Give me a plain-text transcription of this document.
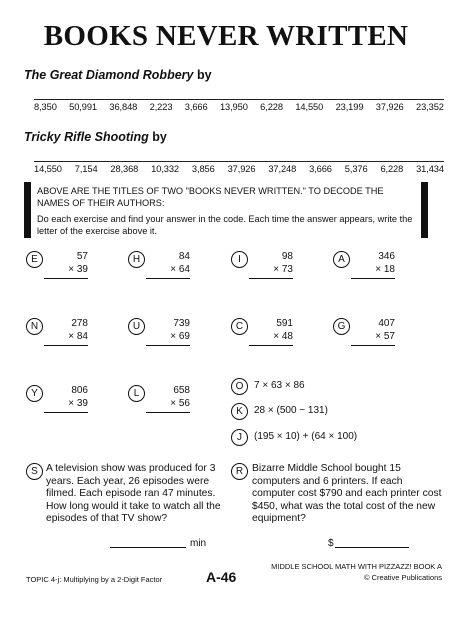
BOOKS NEVER WRITTEN
The Great Diamond Robbery by
8,350 50,991 36,848 2,223 3,666 13,950 6,228 14,550 23,199 37,926 23,352
Tricky Rifle Shooting by
14,550 7,154 28,368 10,332 3,856 37,926 37,248 3,666 5,376 6,228 31,434

ABOVE ARE THE TITLES OF TWO "BOOKS NEVER WRITTEN." TO DECODE THE NAMES OF THEIR AUTHORS:

Do each exercise and find your answer in the code. Each time the answer appears, write the letter of the exercise above it.

E	57
× 39
H	84
× 64
I	98
× 73
A	346
× 18
N	278
× 84
U	739
× 69
C	591
× 48
G	407
× 57
Y	806
× 39
L	658
× 56
O	7 × 63 × 86
K	28 × (500 − 131)
J	(195 × 10) + (64 × 100)
S A television show was produced for 3 years. Each year, 26 episodes were filmed. Each episode ran 47 minutes. How long would it take to watch all the episodes of that TV show?
min
R Bizarre Middle School bought 15 computers and 6 printers. If each computer cost $790 and each printer cost $450, what was the total cost of the new equipment?
$
TOPIC 4-j: Multiplying by a 2-Digit Factor	A-46
MIDDLE SCHOOL MATH WITH PIZZAZZ! BOOK A
© Creative Publications
